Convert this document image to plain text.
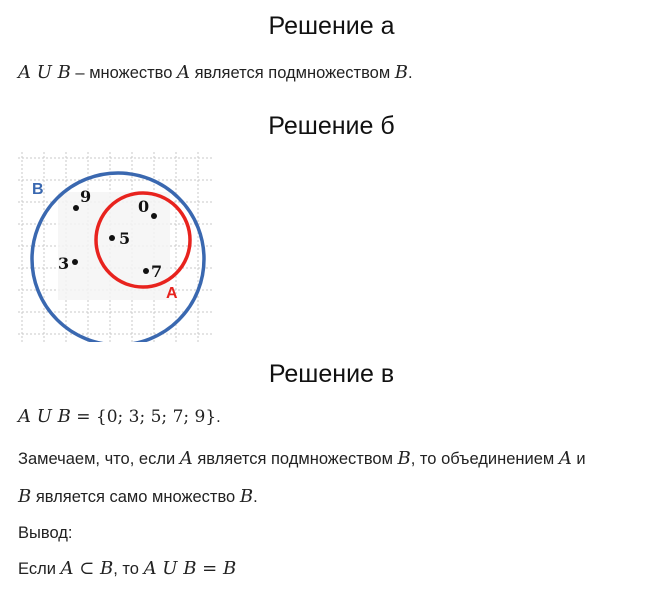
Решение а
A U B – множество A является подмножеством B.
Решение б
B
A
9
0
5
3	7
Решение в
A U B = {0; 3; 5; 7; 9}.
Замечаем, что, если A является подмножеством B, то объединением A и
B является само множество B.
Вывод:
Если A ⊂ B, то A U B = B
